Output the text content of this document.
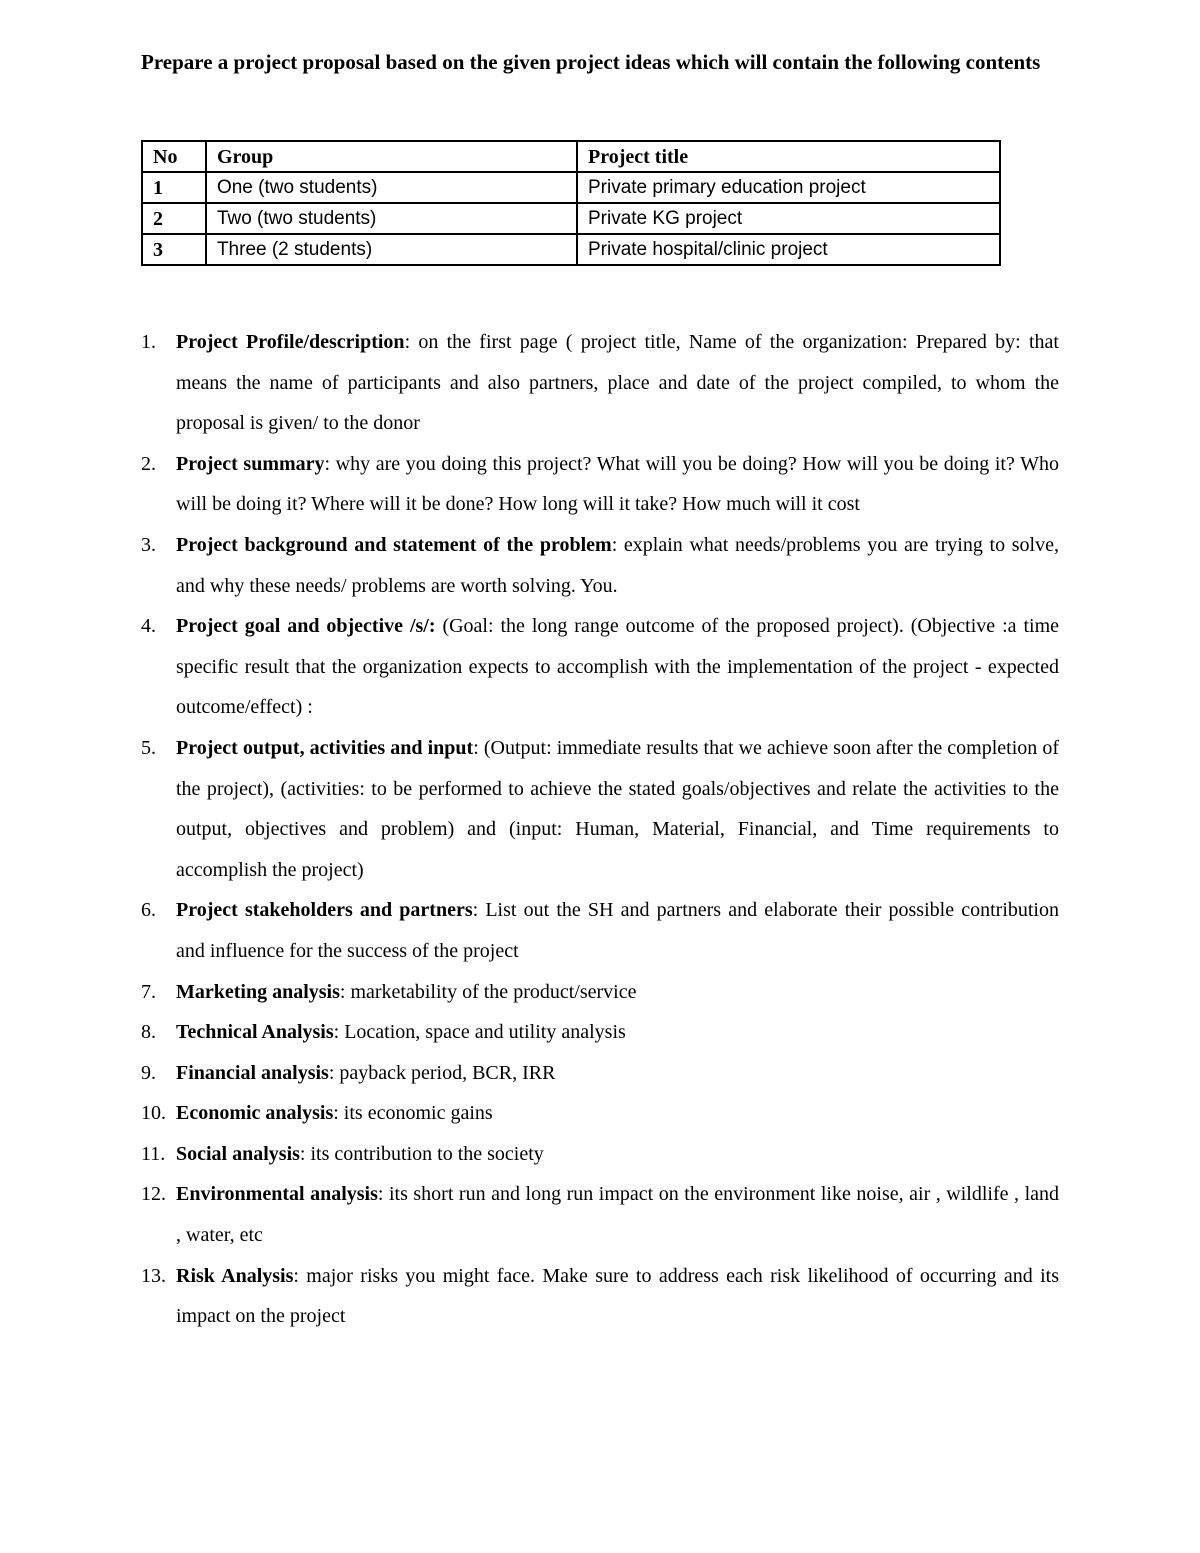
Prepare a project proposal based on the given project ideas which will contain the following contents

No	Group	Project title
1	One (two students)	Private primary education project
2	Two (two students)	Private KG project
3	Three (2 students)	Private hospital/clinic project
1. Project Profile/description: on the first page ( project title, Name of the organization: Prepared by: that means the name of participants and also partners, place and date of the project compiled, to whom the proposal is given/ to the donor
2. Project summary: why are you doing this project? What will you be doing? How will you be doing it? Who will be doing it? Where will it be done? How long will it take? How much will it cost
3. Project background and statement of the problem: explain what needs/problems you are trying to solve, and why these needs/ problems are worth solving. You.
4. Project goal and objective /s/: (Goal: the long range outcome of the proposed project). (Objective :a time specific result that the organization expects to accomplish with the implementation of the project - expected outcome/effect) :
5. Project output, activities and input: (Output: immediate results that we achieve soon after the completion of the project), (activities: to be performed to achieve the stated goals/objectives and relate the activities to the output, objectives and problem) and (input: Human, Material, Financial, and Time requirements to accomplish the project)
6. Project stakeholders and partners: List out the SH and partners and elaborate their possible contribution and influence for the success of the project
7. Marketing analysis: marketability of the product/service
8. Technical Analysis: Location, space and utility analysis
9. Financial analysis: payback period, BCR, IRR
10. Economic analysis: its economic gains
11. Social analysis: its contribution to the society
12. Environmental analysis: its short run and long run impact on the environment like noise, air , wildlife , land , water, etc
13. Risk Analysis: major risks you might face. Make sure to address each risk likelihood of occurring and its impact on the project
